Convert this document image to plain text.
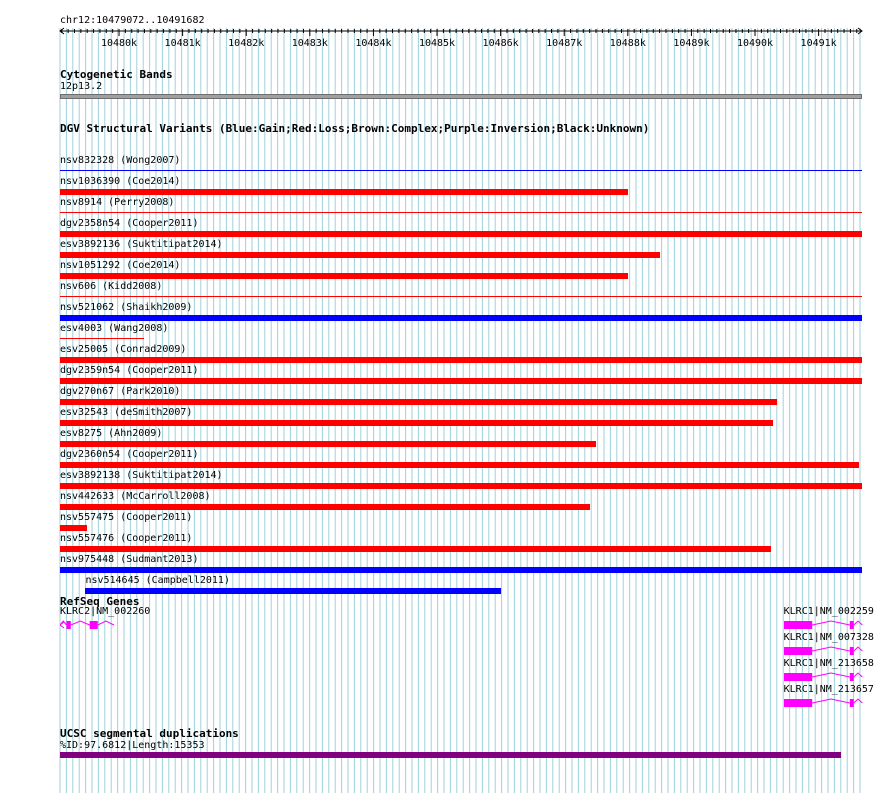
chr12:10479072..10491682
10480k	10481k	10482k	10483k	10484k	10485k	10486k	10487k	10488k	10489k	10490k	10491k
Cytogenetic Bands
12p13.2
DGV Structural Variants (Blue:Gain;Red:Loss;Brown:Complex;Purple:Inversion;Black:Unknown)
nsv832328 (Wong2007)
nsv1036390 (Coe2014)
nsv8914 (Perry2008)
dgv2358n54 (Cooper2011)
esv3892136 (Suktitipat2014)
nsv1051292 (Coe2014)
nsv606 (Kidd2008)
nsv521062 (Shaikh2009)
esv4003 (Wang2008)
esv25005 (Conrad2009)
dgv2359n54 (Cooper2011)
dgv270n67 (Park2010)
esv32543 (deSmith2007)
esv8275 (Ahn2009)
dgv2360n54 (Cooper2011)
esv3892138 (Suktitipat2014)
nsv442633 (McCarroll2008)
nsv557475 (Cooper2011)
nsv557476 (Cooper2011)
nsv975448 (Sudmant2013)
nsv514645 (Campbell2011)
RefSeq Genes
KLRC2|NM_002260	KLRC1|NM_002259
KLRC1|NM_007328
KLRC1|NM_213658
KLRC1|NM_213657
UCSC segmental duplications
%ID:97.6812|Length:15353
